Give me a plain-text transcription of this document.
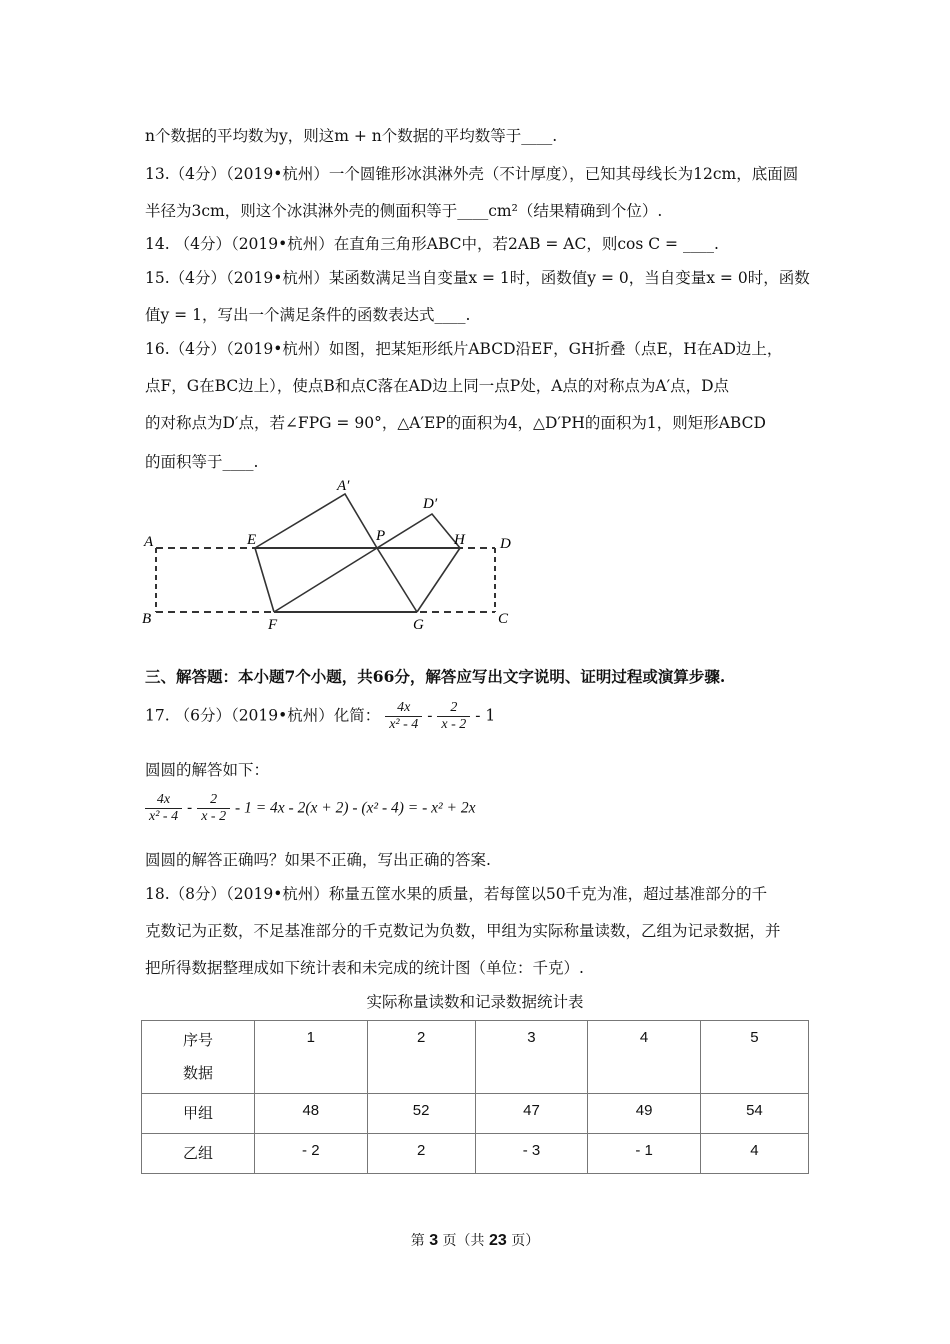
n个数据的平均数为y，则这m + n个数据的平均数等于____.
13.（4分）（2019•杭州）一个圆锥形冰淇淋外壳（不计厚度），已知其母线长为12cm，底面圆
半径为3cm，则这个冰淇淋外壳的侧面积等于____cm²（结果精确到个位）.
14. （4分）（2019•杭州）在直角三角形ABC中，若2AB = AC，则cos C = ____.
15.（4分）（2019•杭州）某函数满足当自变量x = 1时，函数值y = 0，当自变量x = 0时，函数
值y = 1，写出一个满足条件的函数表达式____.
16.（4分）（2019•杭州）如图，把某矩形纸片ABCD沿EF，GH折叠（点E，H在AD边上，
点F，G在BC边上），使点B和点C落在AD边上同一点P处，A点的对称点为A′点，D点
的对称点为D′点，若∠FPG = 90°，△A′EP的面积为4，△D′PH的面积为1，则矩形ABCD
的面积等于____.
A
B	C
D
E
F	G
H
P
A′
D′
三、解答题：本小题7个小题，共66分，解答应写出文字说明、证明过程或演算步骤.
17. （6分）（2019•杭州）化简： $\frac{4x}{\text{x² - 4}} - \frac{2}{x - 2} - 1$
圆圆的解答如下：
$\frac{4x}{\text{x² - 4}} - \frac{2}{x - 2} - 1 = 4x - 2(x + 2) - (x^2 - 4)$ = - x² + 2x
圆圆的解答正确吗？如果不正确，写出正确的答案.
18.（8分）（2019•杭州）称量五筐水果的质量，若每筐以50千克为准，超过基准部分的千
克数记为正数，不足基准部分的千克数记为负数，甲组为实际称量读数，乙组为记录数据，并
把所得数据整理成如下统计表和未完成的统计图（单位：千克）.
实际称量读数和记录数据统计表
序号
数据	1	2	3	4	5
甲组	48	52	47	49	54
乙组	- 2	2	- 3	- 1	4
第 3 页（共 23 页）
